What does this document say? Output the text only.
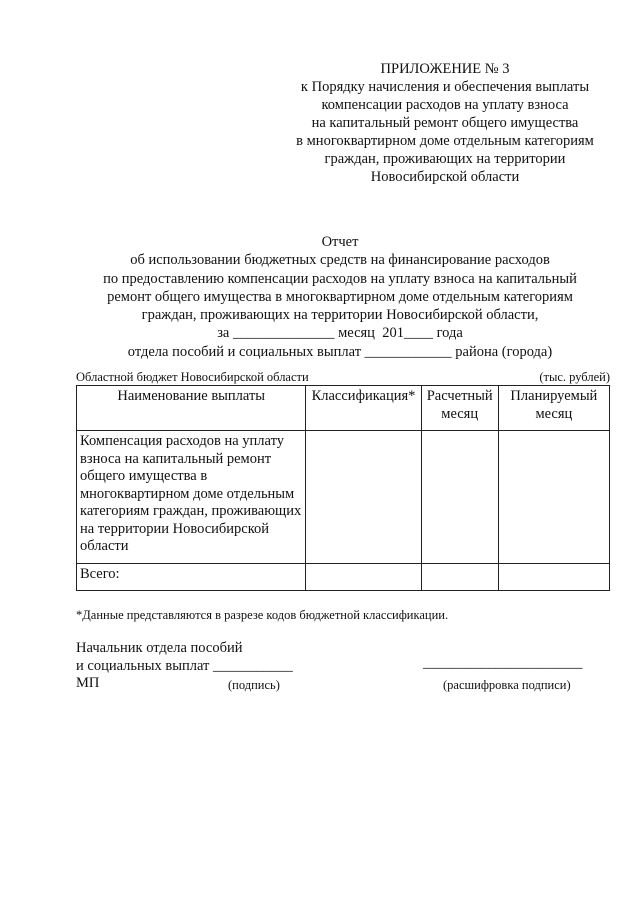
ПРИЛОЖЕНИЕ № 3
к Порядку начисления и обеспечения выплаты
компенсации расходов на уплату взноса
на капитальный ремонт общего имущества
в многоквартирном доме отдельным категориям
граждан, проживающих на территории
Новосибирской области
Отчет
об использовании бюджетных средств на финансирование расходов
по предоставлению компенсации расходов на уплату взноса на капитальный
ремонт общего имущества в многоквартирном доме отдельным категориям
граждан, проживающих на территории Новосибирской области,
за ______________ месяц  201____ года
отдела пособий и социальных выплат ____________ района (города)
Областной бюджет Новосибирской области	(тыс. рублей)
Наименование выплаты	Классификация*	Расчетный месяц	Планируемый месяц
Компенсация расходов на уплату взноса на капитальный ремонт общего имущества в многоквартирном доме отдельным категориям граждан, проживающих на территории Новосибирской области			
Всего:			
*Данные представляются в разрезе кодов бюджетной классификации.
Начальник отдела пособий
и социальных выплат ___________
МП
______________________
(подпись)	(расшифровка подписи)
